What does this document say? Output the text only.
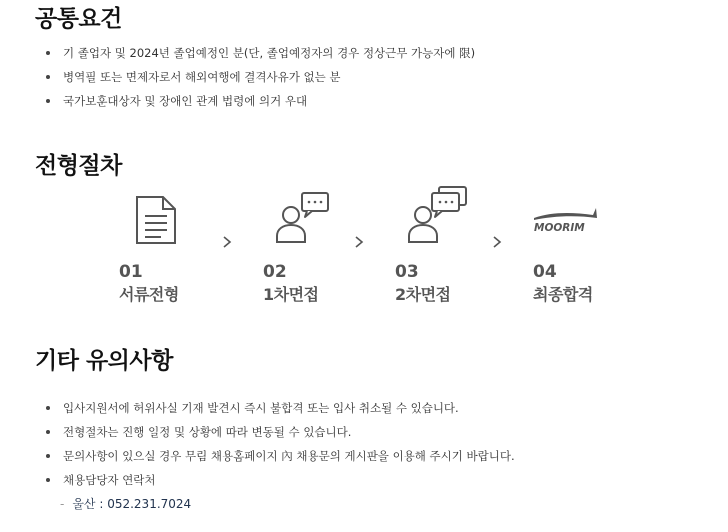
공통요건
기 졸업자 및 2024년 졸업예정인 분(단, 졸업예정자의 경우 정상근무 가능자에 限)
병역필 또는 면제자로서 해외여행에 결격사유가 없는 분
국가보훈대상자 및 장애인 관계 법령에 의거 우대
전형절차
MOORIM
01
서류전형
02
1차면접
03
2차면접
04
최종합격
기타 유의사항
입사지원서에 허위사실 기재 발견시 즉시 불합격 또는 입사 취소될 수 있습니다.
전형절차는 진행 일정 및 상황에 따라 변동될 수 있습니다.
문의사항이 있으실 경우 무림 채용홈페이지 內 채용문의 게시판을 이용해 주시기 바랍니다.
채용담당자 연락처
- 울산 : 052.231.7024
